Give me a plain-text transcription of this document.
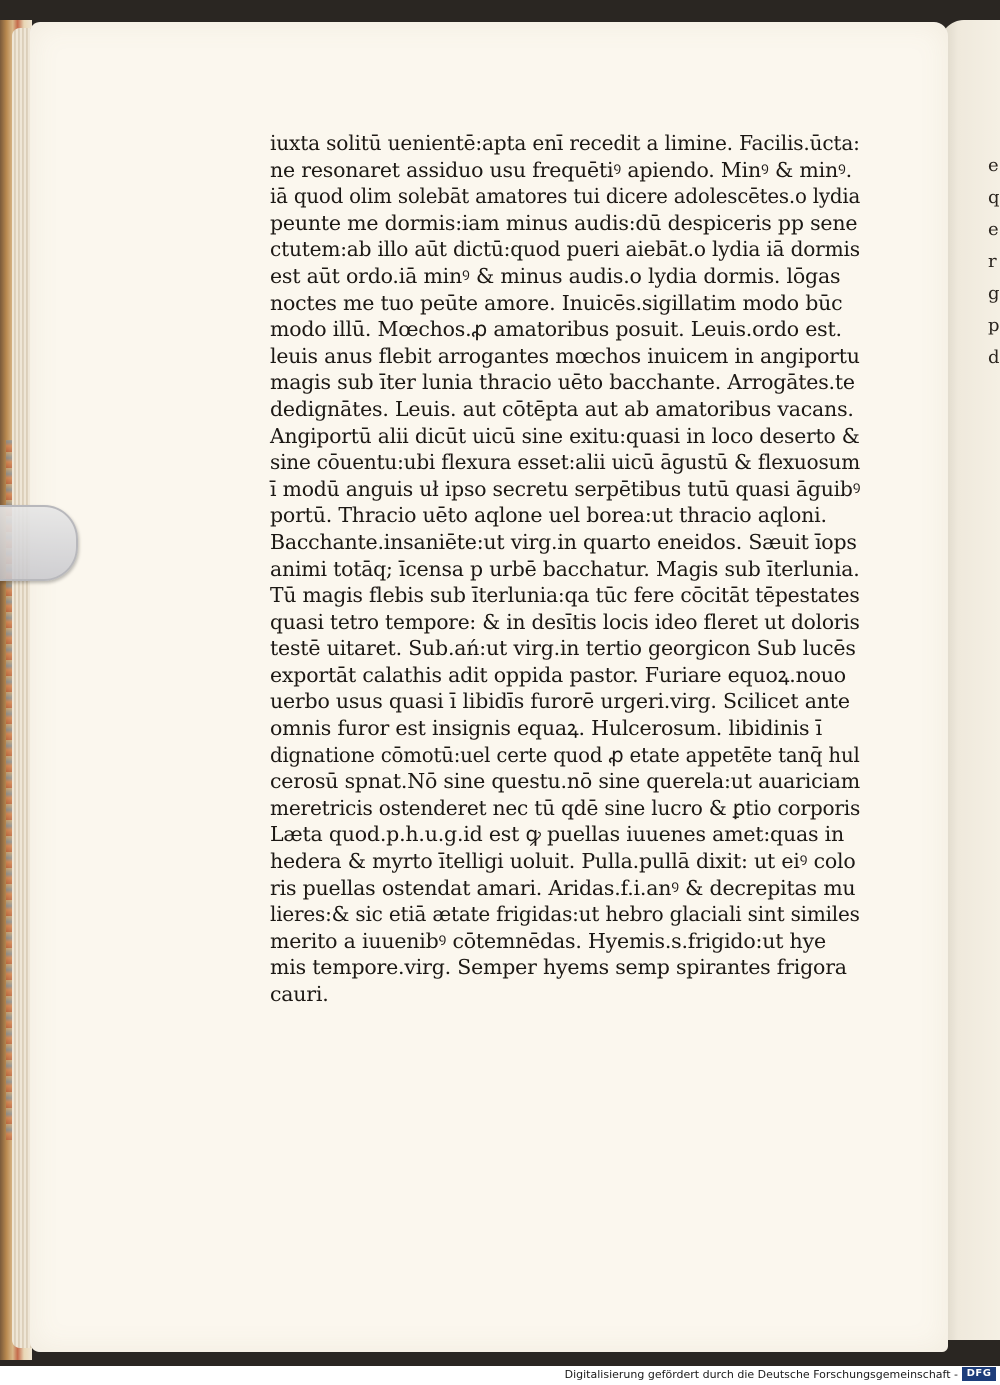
e
q
e
r
g
p
d
iuxta solitū uenientē:apta enī recedit a limine. Facilis.ūcta:
ne resonaret assiduo usu frequētiꝰ apiendo. Minꝰ & minꝰ.
iā quod olim solebāt amatores tui dicere adolescētes.o lydia
peunte me dormis:iam minus audis:dū despiceris pp sene
ctutem:ab illo aūt dictū:quod pueri aiebāt.o lydia iā dormis
est aūt ordo.iā minꝰ & minus audis.o lydia dormis. lōgas
noctes me tuo peūte amore. Inuicēs.sigillatim modo būc
modo illū. Mœchos.ꝓ amatoribus posuit. Leuis.ordo est.
leuis anus flebit arrogantes mœchos inuicem in angiportu
magis sub īter lunia thracio uēto bacchante. Arrogātes.te
dedignātes. Leuis. aut cōtēpta aut ab amatoribus vacans.
Angiportū alii dicūt uicū sine exitu:quasi in loco deserto &
sine cōuentu:ubi flexura esset:alii uicū āgustū & flexuosum
ī modū anguis uł ipso secretu serpētibus tutū quasi āguibꝰ
portū. Thracio uēto aqlone uel borea:ut thracio aqloni.
Bacchante.insaniēte:ut virg.in quarto eneidos. Sæuit īops
animi totāq; īcensa p urbē bacchatur. Magis sub īterlunia.
Tū magis flebis sub īterlunia:qa tūc fere cōcitāt tēpestates
quasi tetro tempore: & in desītis locis ideo fleret ut doloris
testē uitaret. Sub.ań:ut virg.in tertio georgicon Sub lucēs
exportāt calathis adit oppida pastor. Furiare equoꝝ.nouo
uerbo usus quasi ī libidīs furorē urgeri.virg. Scilicet ante
omnis furor est insignis equaꝝ. Hulcerosum. libidinis ī
dignatione cōmotū:uel certe quod ꝓ etate appetēte tanq̄ hul
cerosū spnat.Nō sine questu.nō sine querela:ut auariciam
meretricis ostenderet nec tū qdē sine lucro & ꝑtio corporis
Læta quod.p.h.u.g.id est ꝙ puellas iuuenes amet:quas in
hedera & myrto ītelligi uoluit. Pulla.pullā dixit: ut eiꝰ colo
ris puellas ostendat amari. Aridas.f.i.anꝰ & decrepitas mu
lieres:& sic etiā ætate frigidas:ut hebro glaciali sint similes
merito a iuuenibꝰ cōtemnēdas. Hyemis.s.frigido:ut hye
mis tempore.virg. Semper hyems semp spirantes frigora
cauri.
Digitalisierung gefördert durch die Deutsche Forschungsgemeinschaft - DFG
